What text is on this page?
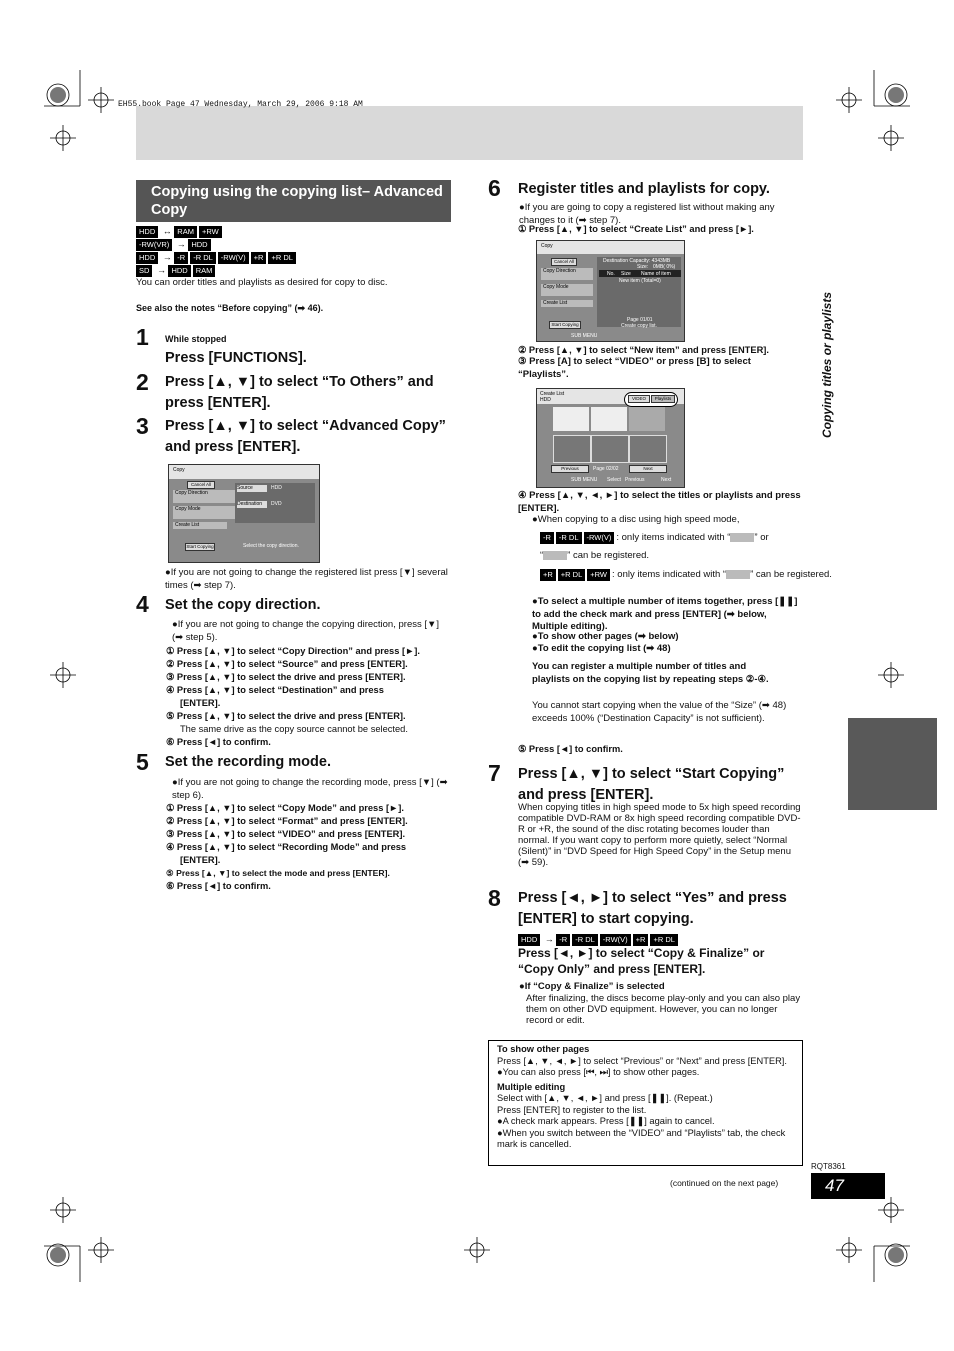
EH55.book Page 47 Wednesday, March 29, 2006 9:18 AM
Copying titles or playlists
Copying using the copying list– Advanced Copy
HDD ↔ RAM +RW
-RW(VR) → HDD
HDD → -R -R DL -RW(V) +R +R DL
SD → HDD RAM
You can order titles and playlists as desired for copy to disc.
See also the notes “Before copying” (➡ 46).
1 While stopped
Press [FUNCTIONS].
2 Press [▲, ▼] to select “To Others” and press [ENTER].
3 Press [▲, ▼] to select “Advanced Copy” and press [ENTER].
Copy
Cancel All
Copy Direction
Copy Mode
Create List
Start Copying
Source	HDD
Destination	DVD
Select the copy direction.
●If you are not going to change the registered list press [▼] several times (➡ step 7).
4 Set the copy direction.
●If you are not going to change the copying direction, press [▼] (➡ step 5).
① Press [▲, ▼] to select “Copy Direction” and press [►].
② Press [▲, ▼] to select “Source” and press [ENTER].
③ Press [▲, ▼] to select the drive and press [ENTER].
④ Press [▲, ▼] to select “Destination” and press
[ENTER].
⑤ Press [▲, ▼] to select the drive and press [ENTER].
The same drive as the copy source cannot be selected.
⑥ Press [◄] to confirm.
5 Set the recording mode.
●If you are not going to change the recording mode, press [▼] (➡ step 6).
① Press [▲, ▼] to select “Copy Mode” and press [►].
② Press [▲, ▼] to select “Format” and press [ENTER].
③ Press [▲, ▼] to select “VIDEO” and press [ENTER].
④ Press [▲, ▼] to select “Recording Mode” and press
[ENTER].
⑤ Press [▲, ▼] to select the mode and press [ENTER].
⑥ Press [◄] to confirm.
6 Register titles and playlists for copy.
●If you are going to copy a registered list without making any changes to it (➡ step 7).
① Press [▲, ▼] to select “Create List” and press [►].
Copy
Cancel All
Copy Direction
Copy Mode
Create List
Start Copying
Destination Capacity: 4343MB
Size: 0MB( 0%)
No. Size Name of item
New item (Total=0)
Page 01/01
Create copy list.
SUB MENU
② Press [▲, ▼] to select “New item” and press [ENTER].
③ Press [A] to select “VIDEO” or press [B] to select “Playlists”.
Create List
HDD	VIDEO	Playlists
Previous	Page 02/02	Next
SUB MENU Select Previous	Next
④ Press [▲, ▼, ◄, ►] to select the titles or playlists and press [ENTER].
●When copying to a disc using high speed mode,
-R -R DL -RW(V) : only items indicated with “	” or
“	” can be registered.
+R +R DL +RW : only items indicated with “	” can be registered.
●To select a multiple number of items together, press [❚❚] to add the check mark and press [ENTER] (➡ below, Multiple editing).
●To show other pages (➡ below)
●To edit the copying list (➡ 48)
You can register a multiple number of titles and playlists on the copying list by repeating steps ②-④.
You cannot start copying when the value of the “Size” (➡ 48) exceeds 100% (“Destination Capacity” is not sufficient).
⑤ Press [◄] to confirm.
7 Press [▲, ▼] to select “Start Copying” and press [ENTER].
When copying titles in high speed mode to 5x high speed recording compatible DVD-RAM or 8x high speed recording compatible DVD-R or +R, the sound of the disc rotating becomes louder than normal. If you want copy to perform more quietly, select “Normal (Silent)” in “DVD Speed for High Speed Copy” in the Setup menu (➡ 59).
8 Press [◄, ►] to select “Yes” and press [ENTER] to start copying.
HDD → -R -R DL -RW(V) +R +R DL
Press [◄, ►] to select “Copy & Finalize” or “Copy Only” and press [ENTER].
●If “Copy & Finalize” is selected
After finalizing, the discs become play-only and you can also play them on other DVD equipment. However, you can no longer record or edit.
To show other pages
Press [▲, ▼, ◄, ►] to select “Previous” or “Next” and press [ENTER].
●You can also press [⏮, ⏭] to show other pages.
Multiple editing
Select with [▲, ▼, ◄, ►] and press [❚❚]. (Repeat.)
Press [ENTER] to register to the list.
●A check mark appears. Press [❚❚] again to cancel.
●When you switch between the “VIDEO” and “Playlists” tab, the check mark is cancelled.
RQT8361
(continued on the next page)	47
